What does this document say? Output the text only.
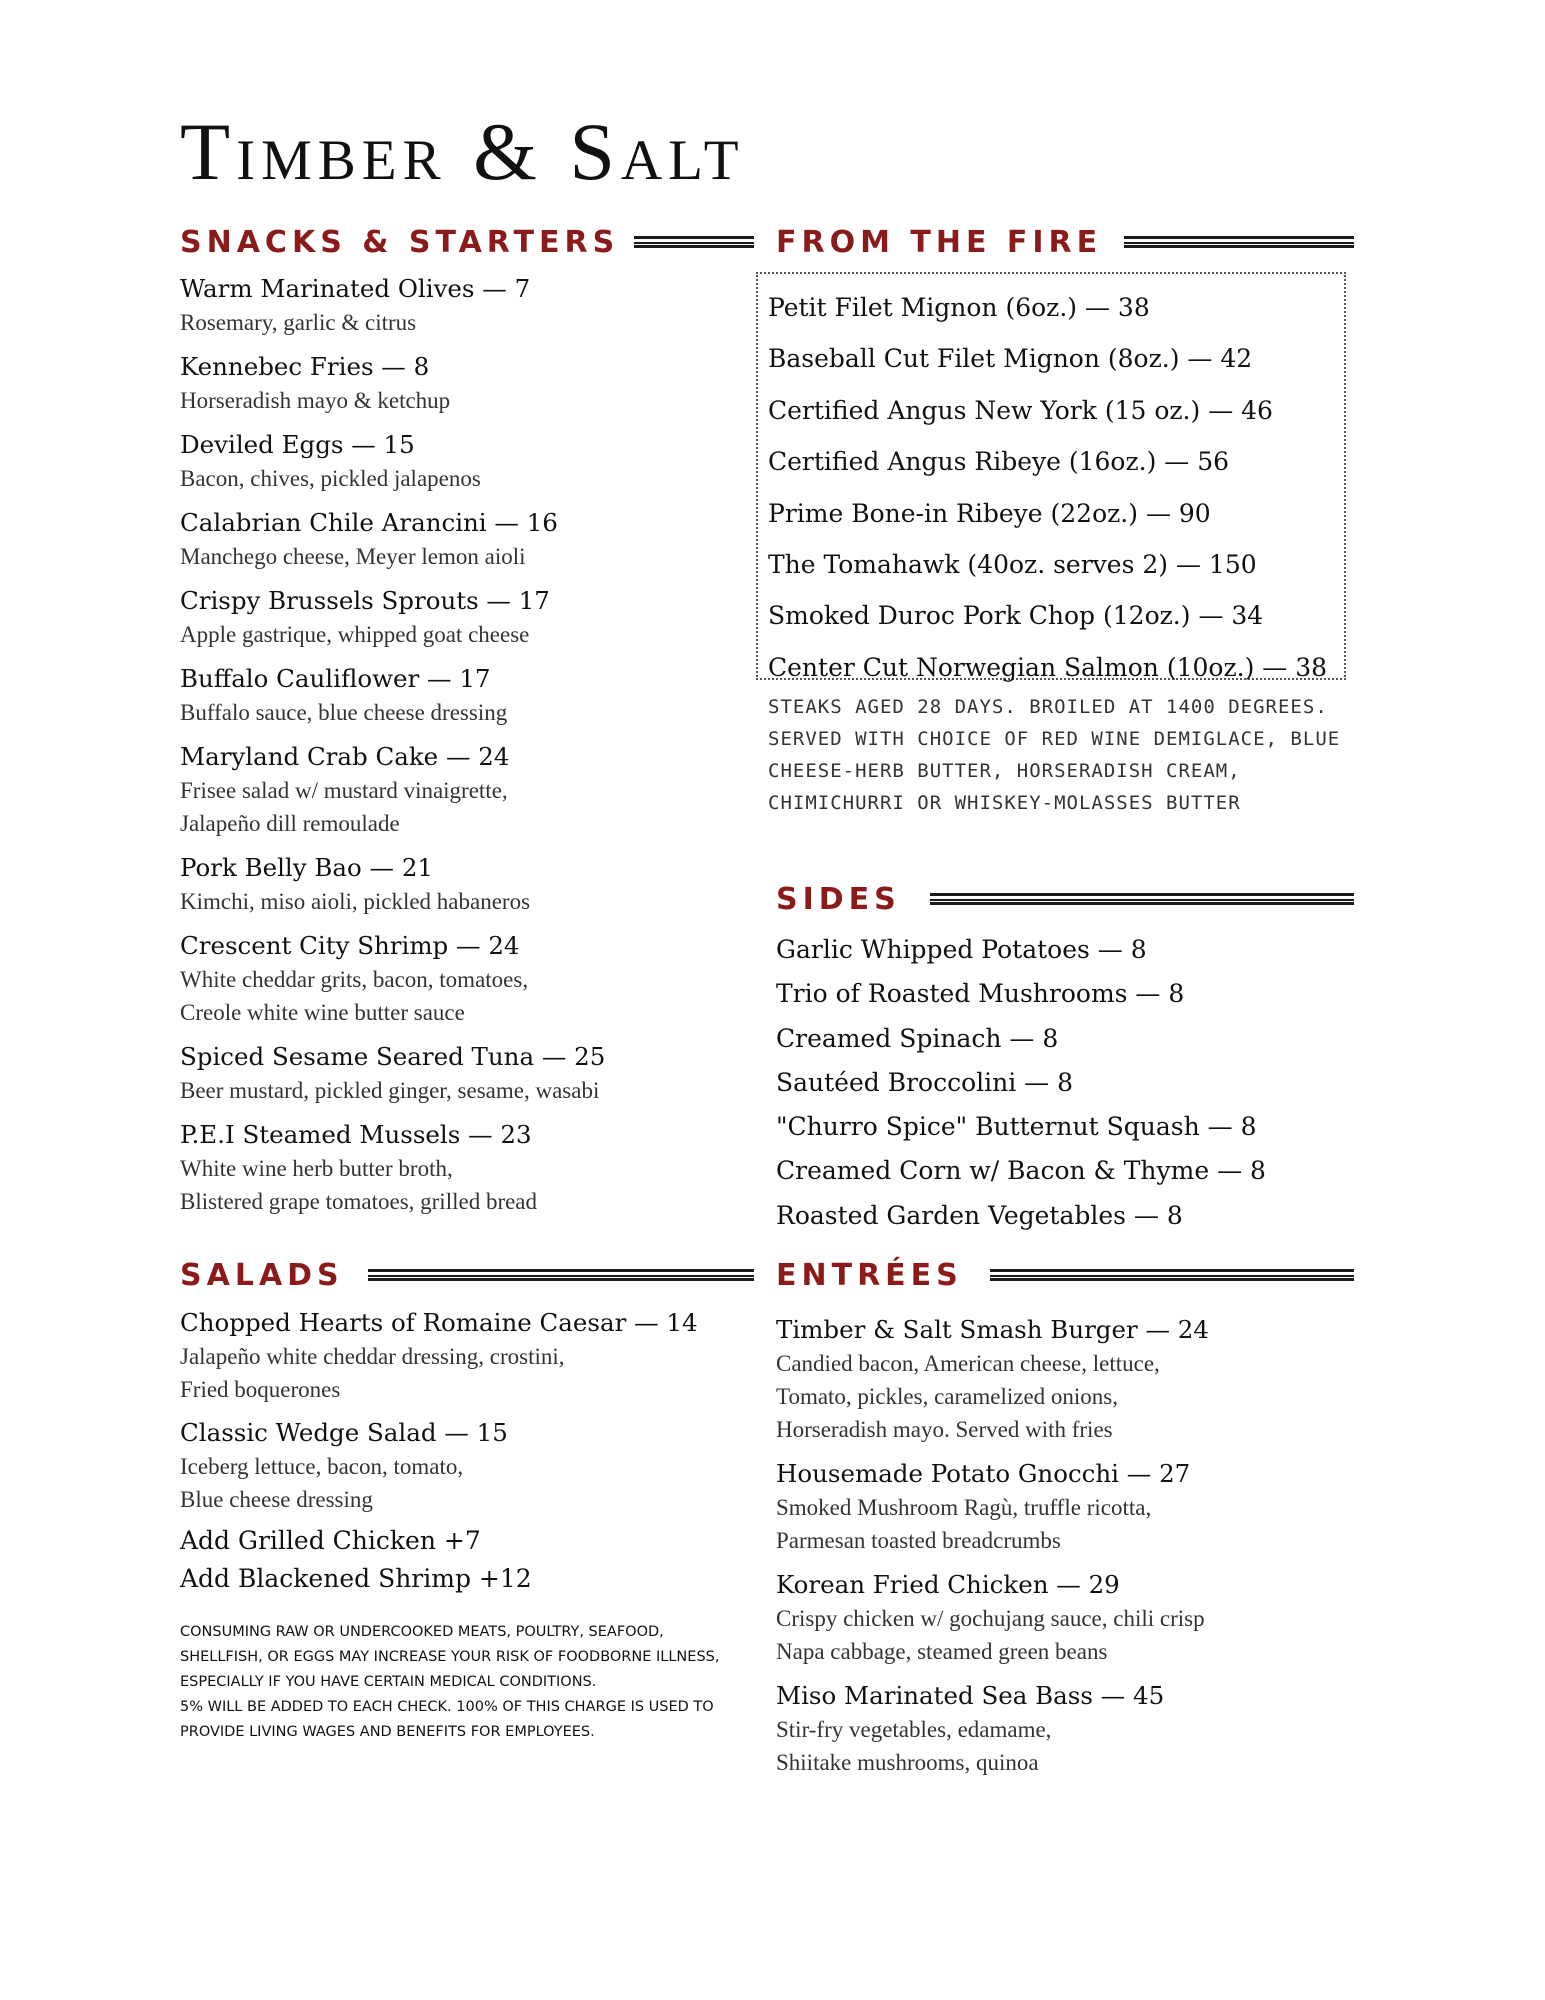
Timber & Salt
SNACKS & STARTERS
Warm Marinated Olives — 7
Rosemary, garlic & citrus
Kennebec Fries — 8
Horseradish mayo & ketchup
Deviled Eggs — 15
Bacon, chives, pickled jalapenos
Calabrian Chile Arancini — 16
Manchego cheese, Meyer lemon aioli
Crispy Brussels Sprouts — 17
Apple gastrique, whipped goat cheese
Buffalo Cauliflower — 17
Buffalo sauce, blue cheese dressing
Maryland Crab Cake — 24
Frisee salad w/ mustard vinaigrette,
Jalapeño dill remoulade
Pork Belly Bao — 21
Kimchi, miso aioli, pickled habaneros
Crescent City Shrimp — 24
White cheddar grits, bacon, tomatoes,
Creole white wine butter sauce
Spiced Sesame Seared Tuna — 25
Beer mustard, pickled ginger, sesame, wasabi
P.E.I Steamed Mussels — 23
White wine herb butter broth,
Blistered grape tomatoes, grilled bread
FROM THE FIRE
Petit Filet Mignon (6oz.) — 38
Baseball Cut Filet Mignon (8oz.) — 42
Certified Angus New York (15 oz.) — 46
Certified Angus Ribeye (16oz.) — 56
Prime Bone-in Ribeye (22oz.) — 90
The Tomahawk (40oz. serves 2) — 150
Smoked Duroc Pork Chop (12oz.) — 34
Center Cut Norwegian Salmon (10oz.) — 38
STEAKS AGED 28 DAYS. BROILED AT 1400 DEGREES. SERVED WITH CHOICE OF RED WINE DEMIGLACE, BLUE CHEESE-HERB BUTTER, HORSERADISH CREAM, CHIMICHURRI OR WHISKEY-MOLASSES BUTTER
SIDES
Garlic Whipped Potatoes — 8
Trio of Roasted Mushrooms — 8
Creamed Spinach — 8
Sautéed Broccolini — 8
"Churro Spice" Butternut Squash — 8
Creamed Corn w/ Bacon & Thyme — 8
Roasted Garden Vegetables — 8
SALADS
Chopped Hearts of Romaine Caesar — 14
Jalapeño white cheddar dressing, crostini,
Fried boquerones
Classic Wedge Salad — 15
Iceberg lettuce, bacon, tomato,
Blue cheese dressing
Add Grilled Chicken +7
Add Blackened Shrimp +12
ENTRÉES
Timber & Salt Smash Burger — 24
Candied bacon, American cheese, lettuce,
Tomato, pickles, caramelized onions,
Horseradish mayo. Served with fries
Housemade Potato Gnocchi — 27
Smoked Mushroom Ragù, truffle ricotta,
Parmesan toasted breadcrumbs
Korean Fried Chicken — 29
Crispy chicken w/ gochujang sauce, chili crisp
Napa cabbage, steamed green beans
Miso Marinated Sea Bass — 45
Stir-fry vegetables, edamame,
Shiitake mushrooms, quinoa

CONSUMING RAW OR UNDERCOOKED MEATS, POULTRY, SEAFOOD, SHELLFISH, OR EGGS MAY INCREASE YOUR RISK OF FOODBORNE ILLNESS, ESPECIALLY IF YOU HAVE CERTAIN MEDICAL CONDITIONS.

5% WILL BE ADDED TO EACH CHECK. 100% OF THIS CHARGE IS USED TO PROVIDE LIVING WAGES AND BENEFITS FOR EMPLOYEES.
